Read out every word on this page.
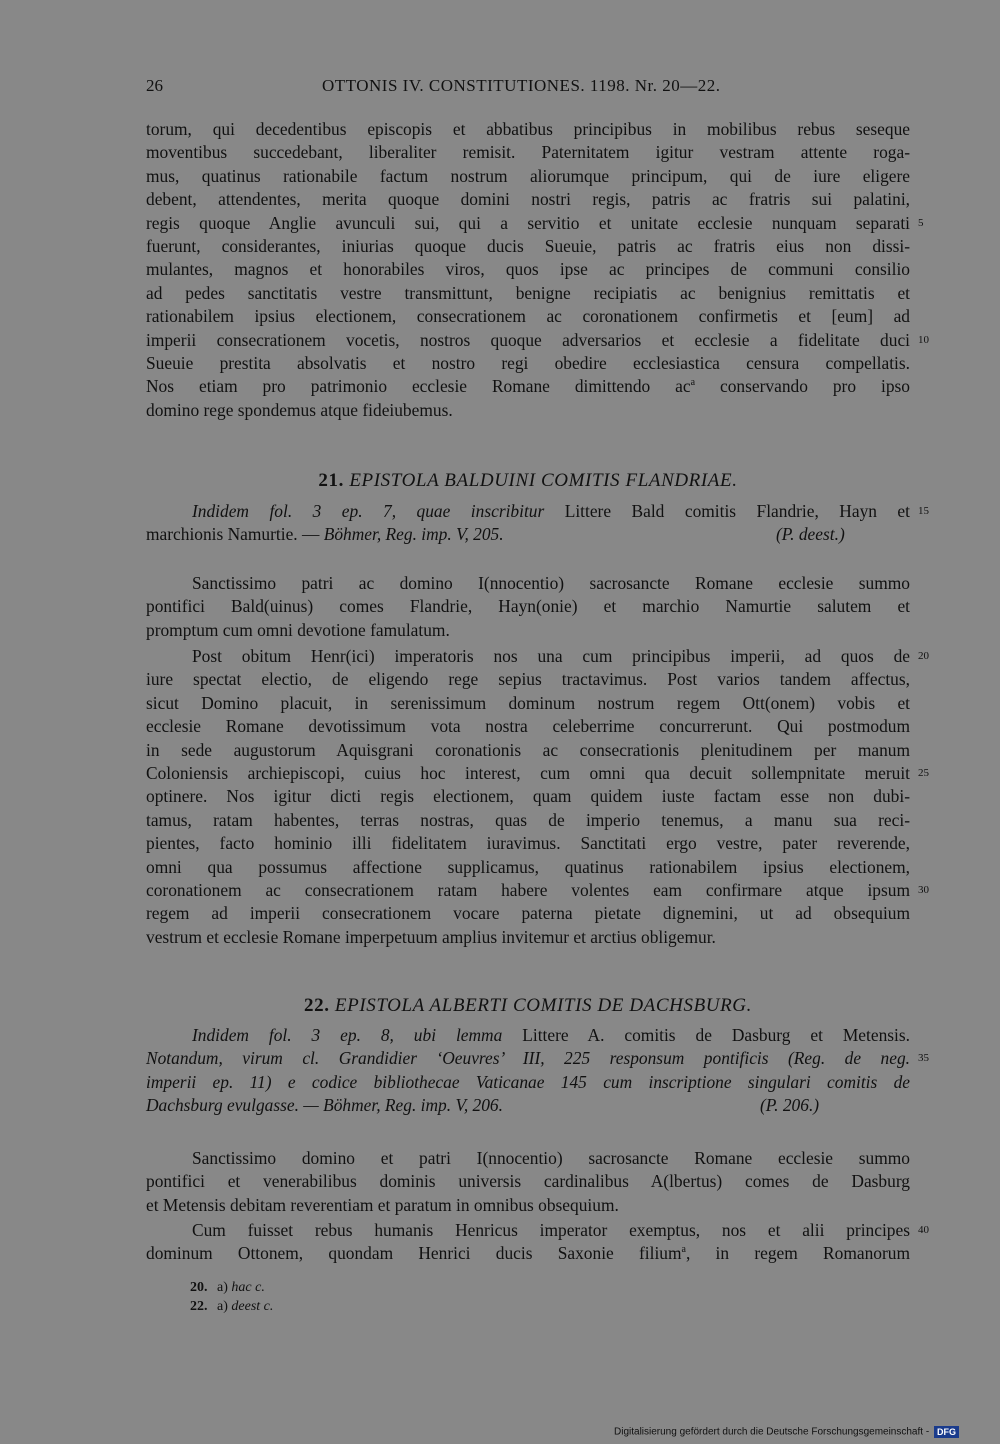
26	OTTONIS IV. CONSTITUTIONES. 1198. Nr. 20—22.
torum, qui decedentibus episcopis et abbatibus principibus in mobilibus rebus seseque
moventibus succedebant, liberaliter remisit. Paternitatem igitur vestram attente roga-
mus, quatinus rationabile factum nostrum aliorumque principum, qui de iure eligere
debent, attendentes, merita quoque domini nostri regis, patris ac fratris sui palatini,
regis quoque Anglie avunculi sui, qui a servitio et unitate ecclesie nunquam separati 5
fuerunt, considerantes, iniurias quoque ducis Sueuie, patris ac fratris eius non dissi-
mulantes, magnos et honorabiles viros, quos ipse ac principes de communi consilio
ad pedes sanctitatis vestre transmittunt, benigne recipiatis ac benignius remittatis et
rationabilem ipsius electionem, consecrationem ac coronationem confirmetis et [eum] ad
imperii consecrationem vocetis, nostros quoque adversarios et ecclesie a fidelitate duci 10
Sueuie prestita absolvatis et nostro regi obedire ecclesiastica censura compellatis.
Nos etiam pro patrimonio ecclesie Romane dimittendo $ac^a$ conservando pro ipso
domino rege spondemus atque fideiubemus.
21. EPISTOLA BALDUINI COMITIS FLANDRIAE.
Indidem fol. 3 ep. 7, quae inscribitur Littere Bald comitis Flandrie, Hayn et 15
marchionis Namurtie. — Böhmer, Reg. imp. V, 205.	(P. deest.)
Sanctissimo patri ac domino I(nnocentio) sacrosancte Romane ecclesie summo
pontifici Bald(uinus) comes Flandrie, Hayn(onie) et marchio Namurtie salutem et
promptum cum omni devotione famulatum.
Post obitum Henr(ici) imperatoris nos una cum principibus imperii, ad quos de 20
iure spectat electio, de eligendo rege sepius tractavimus. Post varios tandem affectus,
sicut Domino placuit, in serenissimum dominum nostrum regem Ott(onem) vobis et
ecclesie Romane devotissimum vota nostra celeberrime concurrerunt. Qui postmodum
in sede augustorum Aquisgrani coronationis ac consecrationis plenitudinem per manum
Coloniensis archiepiscopi, cuius hoc interest, cum omni qua decuit sollempnitate meruit 25
optinere. Nos igitur dicti regis electionem, quam quidem iuste factam esse non dubi-
tamus, ratam habentes, terras nostras, quas de imperio tenemus, a manu sua reci-
pientes, facto hominio illi fidelitatem iuravimus. Sanctitati ergo vestre, pater reverende,
omni qua possumus affectione supplicamus, quatinus rationabilem ipsius electionem,
coronationem ac consecrationem ratam habere volentes eam confirmare atque ipsum 30
regem ad imperii consecrationem vocare paterna pietate dignemini, ut ad obsequium
vestrum et ecclesie Romane imperpetuum amplius invitemur et arctius obligemur.
22. EPISTOLA ALBERTI COMITIS DE DACHSBURG.
Indidem fol. 3 ep. 8, ubi lemma Littere A. comitis de Dasburg et Metensis.
Notandum, virum cl. Grandidier ‘Oeuvres’ III, 225 responsum pontificis (Reg. de neg. 35
imperii ep. 11) e codice bibliothecae Vaticanae 145 cum inscriptione singulari comitis de
Dachsburg evulgasse. — Böhmer, Reg. imp. V, 206.	(P. 206.)
Sanctissimo domino et patri I(nnocentio) sacrosancte Romane ecclesie summo
pontifici et venerabilibus dominis universis cardinalibus A(lbertus) comes de Dasburg
et Metensis debitam reverentiam et paratum in omnibus obsequium.
Cum fuisset rebus humanis Henricus imperator exemptus, nos et alii principes 40
dominum Ottonem, quondam Henrici ducis Saxonie filium$^a$, in regem Romanorum
20. a) hac c.
22. a) deest c.
Digitalisierung gefördert durch die Deutsche Forschungsgemeinschaft - DFG
